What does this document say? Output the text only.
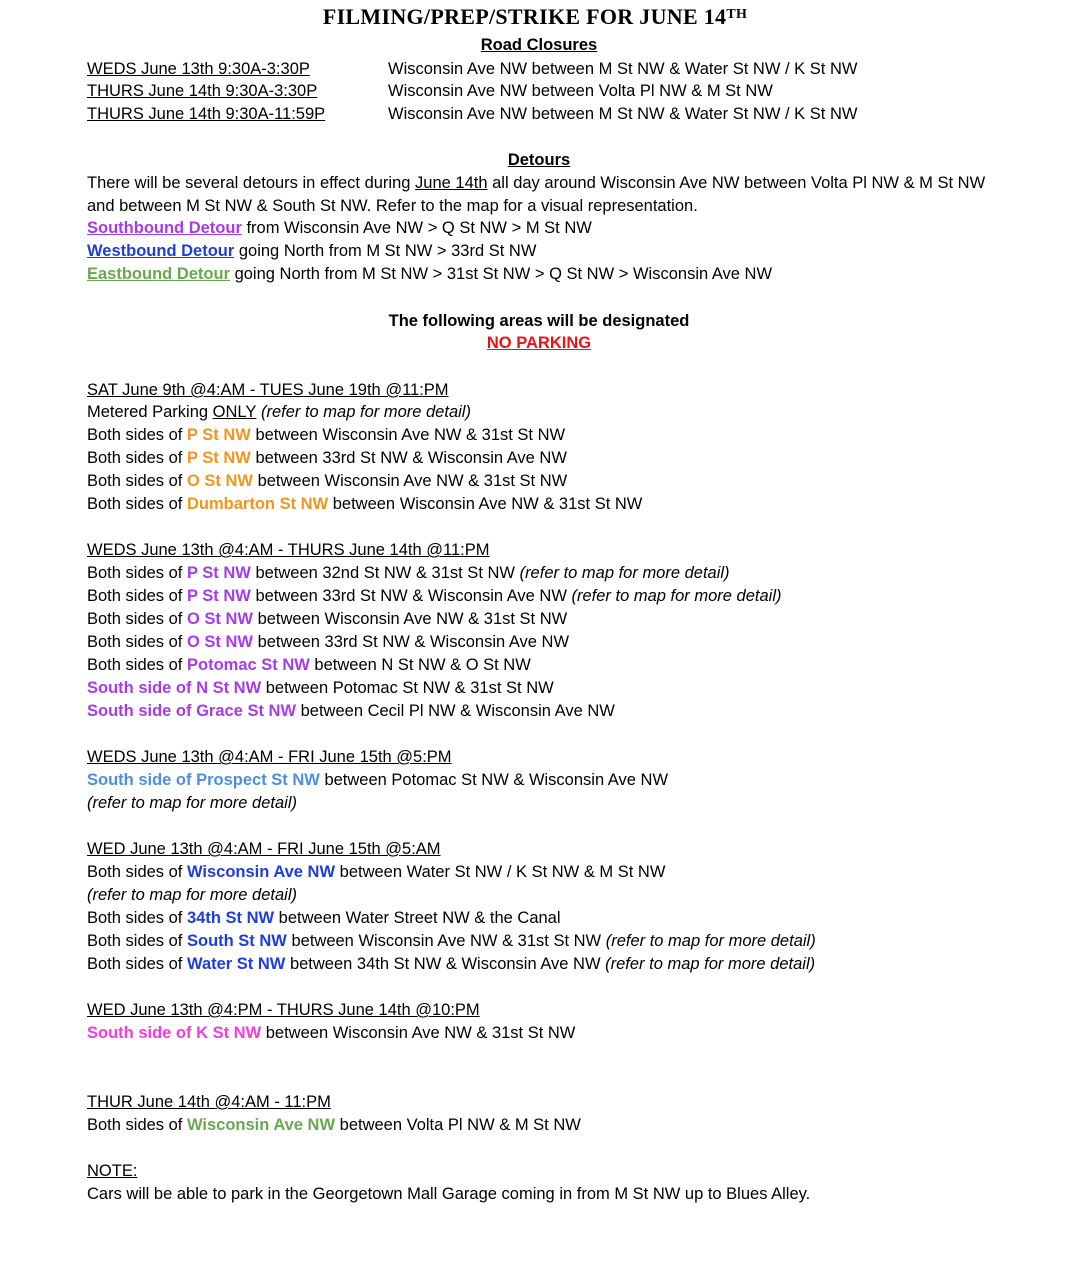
FILMING/PREP/STRIKE FOR JUNE 14TH
Road Closures
WEDS June 13th 9:30A-3:30P	Wisconsin Ave NW between M St NW & Water St NW / K St NW
THURS June 14th 9:30A-3:30P	Wisconsin Ave NW between Volta Pl NW & M St NW
THURS June 14th 9:30A-11:59P	Wisconsin Ave NW between M St NW & Water St NW / K St NW
Detours
There will be several detours in effect during June 14th all day around Wisconsin Ave NW between Volta Pl NW & M St NW and between M St NW & South St NW. Refer to the map for a visual representation.
Southbound Detour from Wisconsin Ave NW > Q St NW > M St NW
Westbound Detour going North from M St NW > 33rd St NW
Eastbound Detour going North from M St NW > 31st St NW > Q St NW > Wisconsin Ave NW
The following areas will be designated
NO PARKING
SAT June 9th @4:AM - TUES June 19th @11:PM
Metered Parking ONLY (refer to map for more detail)
Both sides of P St NW between Wisconsin Ave NW & 31st St NW
Both sides of P St NW between 33rd St NW & Wisconsin Ave NW
Both sides of O St NW between Wisconsin Ave NW & 31st St NW
Both sides of Dumbarton St NW between Wisconsin Ave NW & 31st St NW
WEDS June 13th @4:AM - THURS June 14th @11:PM
Both sides of P St NW between 32nd St NW & 31st St NW (refer to map for more detail)
Both sides of P St NW between 33rd St NW & Wisconsin Ave NW (refer to map for more detail)
Both sides of O St NW between Wisconsin Ave NW & 31st St NW
Both sides of O St NW between 33rd St NW & Wisconsin Ave NW
Both sides of Potomac St NW between N St NW & O St NW
South side of N St NW between Potomac St NW & 31st St NW
South side of Grace St NW between Cecil Pl NW & Wisconsin Ave NW
WEDS June 13th @4:AM - FRI June 15th @5:PM
South side of Prospect St NW between Potomac St NW & Wisconsin Ave NW
(refer to map for more detail)
WED June 13th @4:AM - FRI June 15th @5:AM
Both sides of Wisconsin Ave NW between Water St NW / K St NW & M St NW
(refer to map for more detail)
Both sides of 34th St NW between Water Street NW & the Canal
Both sides of South St NW between Wisconsin Ave NW & 31st St NW (refer to map for more detail)
Both sides of Water St NW between 34th St NW & Wisconsin Ave NW (refer to map for more detail)
WED June 13th @4:PM - THURS June 14th @10:PM
South side of K St NW between Wisconsin Ave NW & 31st St NW
THUR June 14th @4:AM - 11:PM
Both sides of Wisconsin Ave NW between Volta Pl NW & M St NW
NOTE:
Cars will be able to park in the Georgetown Mall Garage coming in from M St NW up to Blues Alley.
